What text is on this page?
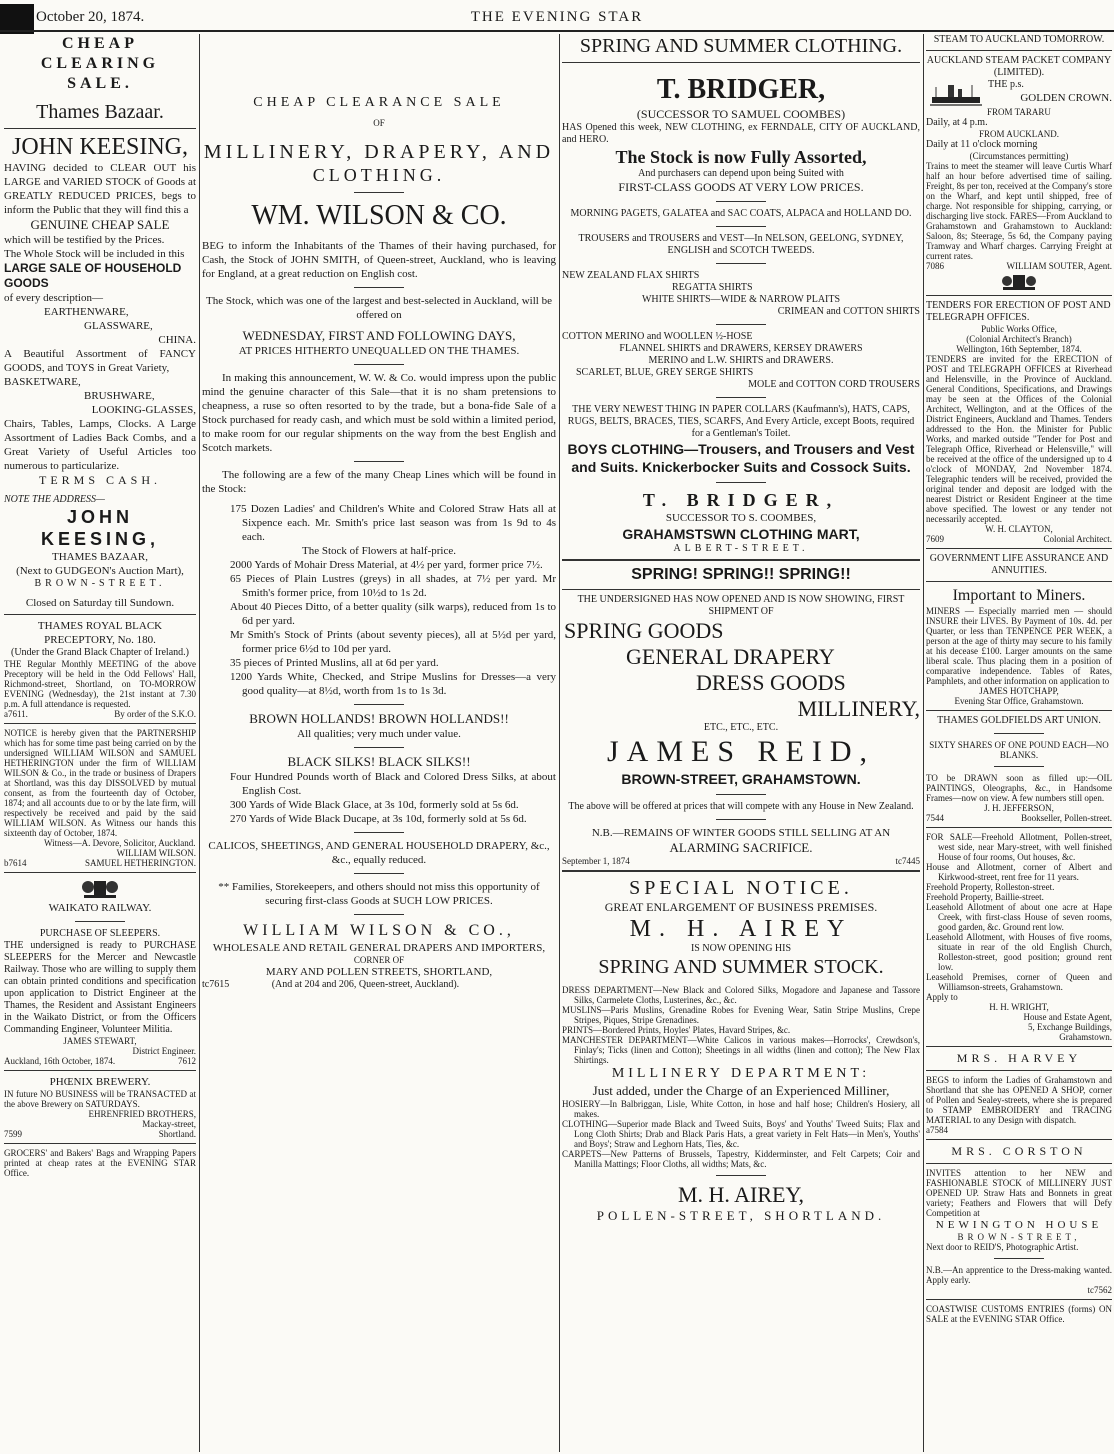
October 20, 1874.	THE EVENING STAR

CHEAP CLEARING SALE.

Thames Bazaar.

JOHN KEESING,

HAVING decided to CLEAR OUT his LARGE and VARIED STOCK of Goods at GREATLY REDUCED PRICES, begs to inform the Public that they will find this a

GENUINE CHEAP SALE

which will be testified by the Prices.

The Whole Stock will be included in this

LARGE SALE OF HOUSEHOLD GOODS

of every description—

EARTHENWARE,

GLASSWARE,

CHINA.

A Beautiful Assortment of FANCY GOODS, and TOYS in Great Variety,

BASKETWARE,

BRUSHWARE,

LOOKING-GLASSES,

Chairs, Tables, Lamps, Clocks. A Large Assortment of Ladies Back Combs, and a Great Variety of Useful Articles too numerous to particularize.

TERMS CASH.

NOTE THE ADDRESS—

JOHN KEESING,

THAMES BAZAAR,

(Next to GUDGEON's Auction Mart),

BROWN-STREET.

Closed on Saturday till Sundown.

THAMES ROYAL BLACK PRECEPTORY, No. 180.

(Under the Grand Black Chapter of Ireland.)

THE Regular Monthly MEETING of the above Preceptory will be held in the Odd Fellows' Hall, Richmond-street, Shortland, on TO-MORROW EVENING (Wednesday), the 21st instant at 7.30 p.m. A full attendance is requested.

a7611.	By order of the S.K.O.

NOTICE is hereby given that the PARTNERSHIP which has for some time past being carried on by the undersigned WILLIAM WILSON and SAMUEL HETHERINGTON under the firm of WILLIAM WILSON & Co., in the trade or business of Drapers at Shortland, was this day DISSOLVED by mutual consent, as from the fourteenth day of October, 1874; and all accounts due to or by the late firm, will respectively be received and paid by the said WILLIAM WILSON. As Witness our hands this sixteenth day of October, 1874.

Witness—A. Devore, Solicitor, Auckland.

WILLIAM WILSON.

b7614	SAMUEL HETHERINGTON.

WAIKATO RAILWAY.

PURCHASE OF SLEEPERS.

THE undersigned is ready to PURCHASE SLEEPERS for the Mercer and Newcastle Railway. Those who are willing to supply them can obtain printed conditions and specification upon application to District Engineer at the Thames, the Resident and Assistant Engineers in the Waikato District, or from the Officers Commanding Engineer, Volunteer Militia.

JAMES STEWART,

District Engineer.

Auckland, 16th October, 1874.	7612

PHŒNIX BREWERY.

IN future NO BUSINESS will be TRANSACTED at the above Brewery on SATURDAYS.

EHRENFRIED BROTHERS,

Mackay-street,

7599	Shortland.

GROCERS' and Bakers' Bags and Wrapping Papers printed at cheap rates at the EVENING STAR Office.

CHEAP CLEARANCE SALE

OF

MILLINERY, DRAPERY, AND

CLOTHING.

WM. WILSON & CO.

BEG to inform the Inhabitants of the Thames of their having purchased, for Cash, the Stock of JOHN SMITH, of Queen-street, Auckland, who is leaving for England, at a great reduction on English cost.

The Stock, which was one of the largest and best-selected in Auckland, will be offered on

WEDNESDAY, FIRST AND FOLLOWING DAYS,

AT PRICES HITHERTO UNEQUALLED ON THE THAMES.

In making this announcement, W. W. & Co. would impress upon the public mind the genuine character of this Sale—that it is no sham pretensions to cheapness, a ruse so often resorted to by the trade, but a bona-fide Sale of a Stock purchased for ready cash, and which must be sold within a limited period, to make room for our regular shipments on the way from the best English and Scotch markets.

The following are a few of the many Cheap Lines which will be found in the Stock:

175 Dozen Ladies' and Children's White and Colored Straw Hats all at Sixpence each. Mr. Smith's price last season was from 1s 9d to 4s each.

The Stock of Flowers at half-price.

2000 Yards of Mohair Dress Material, at 4½ per yard, former price 7½.

65 Pieces of Plain Lustres (greys) in all shades, at 7½ per yard. Mr Smith's former price, from 10½d to 1s 2d.

About 40 Pieces Ditto, of a better quality (silk warps), reduced from 1s to 6d per yard.

Mr Smith's Stock of Prints (about seventy pieces), all at 5½d per yard, former price 6½d to 10d per yard.

35 pieces of Printed Muslins, all at 6d per yard.

1200 Yards White, Checked, and Stripe Muslins for Dresses—a very good quality—at 8½d, worth from 1s to 1s 3d.

BROWN HOLLANDS! BROWN HOLLANDS!!

All qualities; very much under value.

BLACK SILKS! BLACK SILKS!!

Four Hundred Pounds worth of Black and Colored Dress Silks, at about English Cost.

300 Yards of Wide Black Glace, at 3s 10d, formerly sold at 5s 6d.

270 Yards of Wide Black Ducape, at 3s 10d, formerly sold at 5s 6d.

CALICOS, SHEETINGS, AND GENERAL HOUSEHOLD DRAPERY, &c., &c., equally reduced.

** Families, Storekeepers, and others should not miss this opportunity of securing first-class Goods at SUCH LOW PRICES.

WILLIAM WILSON & CO.,

WHOLESALE AND RETAIL GENERAL DRAPERS AND IMPORTERS,

CORNER OF

MARY AND POLLEN STREETS, SHORTLAND,

tc7615	(And at 204 and 206, Queen-street, Auckland).

SPRING AND SUMMER CLOTHING.

T. BRIDGER,

(SUCCESSOR TO SAMUEL COOMBES)

HAS Opened this week, NEW CLOTHING, ex FERNDALE, CITY OF AUCKLAND, and HERO.

The Stock is now Fully Assorted,

And purchasers can depend upon being Suited with

FIRST-CLASS GOODS AT VERY LOW PRICES.

MORNING PAGETS, GALATEA and SAC COATS, ALPACA and HOLLAND DO.

TROUSERS and TROUSERS and VEST—In NELSON, GEELONG, SYDNEY, ENGLISH and SCOTCH TWEEDS.

NEW ZEALAND FLAX SHIRTS

REGATTA SHIRTS

WHITE SHIRTS—WIDE & NARROW PLAITS

CRIMEAN and COTTON SHIRTS

COTTON MERINO and WOOLLEN ½-HOSE

FLANNEL SHIRTS and DRAWERS, KERSEY DRAWERS

MERINO and L.W. SHIRTS and DRAWERS.

SCARLET, BLUE, GREY SERGE SHIRTS

MOLE and COTTON CORD TROUSERS

THE VERY NEWEST THING IN PAPER COLLARS (Kaufmann's), HATS, CAPS, RUGS, BELTS, BRACES, TIES, SCARFS, And Every Article, except Boots, required for a Gentleman's Toilet.

BOYS CLOTHING—Trousers, and Trousers and Vest and Suits. Knickerbocker Suits and Cossock Suits.

T. BRIDGER,

SUCCESSOR TO S. COOMBES,

GRAHAMSTSWN CLOTHING MART,

ALBERT-STREET.

SPRING! SPRING!! SPRING!!

THE UNDERSIGNED HAS NOW OPENED AND IS NOW SHOWING, FIRST SHIPMENT OF

SPRING GOODS

GENERAL DRAPERY

DRESS GOODS

MILLINERY,

ETC., ETC., ETC.

JAMES REID,

BROWN-STREET, GRAHAMSTOWN.

The above will be offered at prices that will compete with any House in New Zealand.

N.B.—REMAINS OF WINTER GOODS STILL SELLING AT AN

ALARMING SACRIFICE.

September 1, 1874	tc7445

SPECIAL NOTICE.

GREAT ENLARGEMENT OF BUSINESS PREMISES.

M. H. AIREY

IS NOW OPENING HIS

SPRING AND SUMMER STOCK.

DRESS DEPARTMENT—New Black and Colored Silks, Mogadore and Japanese and Tassore Silks, Carmelete Cloths, Lusterines, &c., &c.

MUSLINS—Paris Muslins, Grenadine Robes for Evening Wear, Satin Stripe Muslins, Crepe Stripes, Piques, Stripe Grenadines.

PRINTS—Bordered Prints, Hoyles' Plates, Havard Stripes, &c.

MANCHESTER DEPARTMENT—White Calicos in various makes—Horrocks', Crewdson's, Finlay's; Ticks (linen and Cotton); Sheetings in all widths (linen and cotton); The New Flax Shirtings.

MILLINERY DEPARTMENT:

Just added, under the Charge of an Experienced Milliner,

HOSIERY—In Balbriggan, Lisle, White Cotton, in hose and half hose; Children's Hosiery, all makes.

CLOTHING—Superior made Black and Tweed Suits, Boys' and Youths' Tweed Suits; Flax and Long Cloth Shirts; Drab and Black Paris Hats, a great variety in Felt Hats—in Men's, Youths' and Boys'; Straw and Leghorn Hats, Ties, &c.

CARPETS—New Patterns of Brussels, Tapestry, Kidderminster, and Felt Carpets; Coir and Manilla Mattings; Floor Cloths, all widths; Mats, &c.

M. H. AIREY,

POLLEN-STREET, SHORTLAND.

STEAM TO AUCKLAND TOMORROW.

AUCKLAND STEAM PACKET COMPANY (LIMITED).

THE p.s.

GOLDEN CROWN.

FROM TARARU

Daily, at 4 p.m.

FROM AUCKLAND.

Daily at 11 o'clock morning

(Circumstances permitting)

Trains to meet the steamer will leave Curtis Wharf half an hour before advertised time of sailing. Freight, 8s per ton, received at the Company's store on the Wharf, and kept until shipped, free of charge. Not responsible for shipping, carrying, or discharging live stock. FARES—From Auckland to Grahamstown and Grahamstown to Auckland: Saloon, 8s; Steerage, 5s 6d, the Company paying Tramway and Wharf charges. Carrying Freight at current rates.

7086	WILLIAM SOUTER, Agent.

TENDERS FOR ERECTION OF POST AND TELEGRAPH OFFICES.

Public Works Office,

(Colonial Architect's Branch)

Wellington, 16th September, 1874.

TENDERS are invited for the ERECTION of POST and TELEGRAPH OFFICES at Riverhead and Helensville, in the Province of Auckland. General Conditions, Specifications, and Drawings may be seen at the Offices of the Colonial Architect, Wellington, and at the Offices of the District Engineers, Auckland and Thames. Tenders addressed to the Hon. the Minister for Public Works, and marked outside "Tender for Post and Telegraph Office, Riverhead or Helensville," will be received at the office of the undersigned up to 4 o'clock of MONDAY, 2nd November 1874. Telegraphic tenders will be received, provided the original tender and deposit are lodged with the nearest District or Resident Engineer at the time above specified. The lowest or any tender not necessarily accepted.

W. H. CLAYTON,

7609	Colonial Architect.

GOVERNMENT LIFE ASSURANCE AND ANNUITIES.

Important to Miners.

MINERS — Especially married men — should INSURE their LIVES. By Payment of 10s. 4d. per Quarter, or less than TENPENCE PER WEEK, a person at the age of thirty may secure to his family at his decease £100. Larger amounts on the same liberal scale. Thus placing them in a position of comparative independence. Tables of Rates, Pamphlets, and other information on application to

JAMES HOTCHAPP,

Evening Star Office, Grahamstown.

THAMES GOLDFIELDS ART UNION.

SIXTY SHARES OF ONE POUND EACH—NO BLANKS.

TO be DRAWN soon as filled up:—OIL PAINTINGS, Oleographs, &c., in Handsome Frames—now on view. A few numbers still open.

J. H. JEFFERSON,

7544	Bookseller, Pollen-street.

FOR SALE—Freehold Allotment, Pollen-street, west side, near Mary-street, with well finished House of four rooms, Out houses, &c.

House and Allotment, corner of Albert and Kirkwood-street, rent free for 11 years.

Freehold Property, Rolleston-street.

Freehold Property, Baillie-street.

Leasehold Allotment of about one acre at Hape Creek, with first-class House of seven rooms, good garden, &c. Ground rent low.

Leasehold Allotment, with Houses of five rooms, situate in rear of the old English Church, Rolleston-street, good position; ground rent low.

Leasehold Premises, corner of Queen and Williamson-streets, Grahamstown.

Apply to

H. H. WRIGHT,

House and Estate Agent,

5, Exchange Buildings,

Grahamstown.

MRS. HARVEY

BEGS to inform the Ladies of Grahamstown and Shortland that she has OPENED A SHOP, corner of Pollen and Sealey-streets, where she is prepared to STAMP EMBROIDERY and TRACING MATERIAL to any Design with dispatch.

a7584

MRS. CORSTON

INVITES attention to her NEW and FASHIONABLE STOCK of MILLINERY JUST OPENED UP. Straw Hats and Bonnets in great variety; Feathers and Flowers that will Defy Competition at

NEWINGTON HOUSE

BROWN-STREET,

Next door to REID'S, Photographic Artist.

N.B.—An apprentice to the Dress-making wanted. Apply early.

tc7562

COASTWISE CUSTOMS ENTRIES (forms) ON SALE at the EVENING STAR Office.
